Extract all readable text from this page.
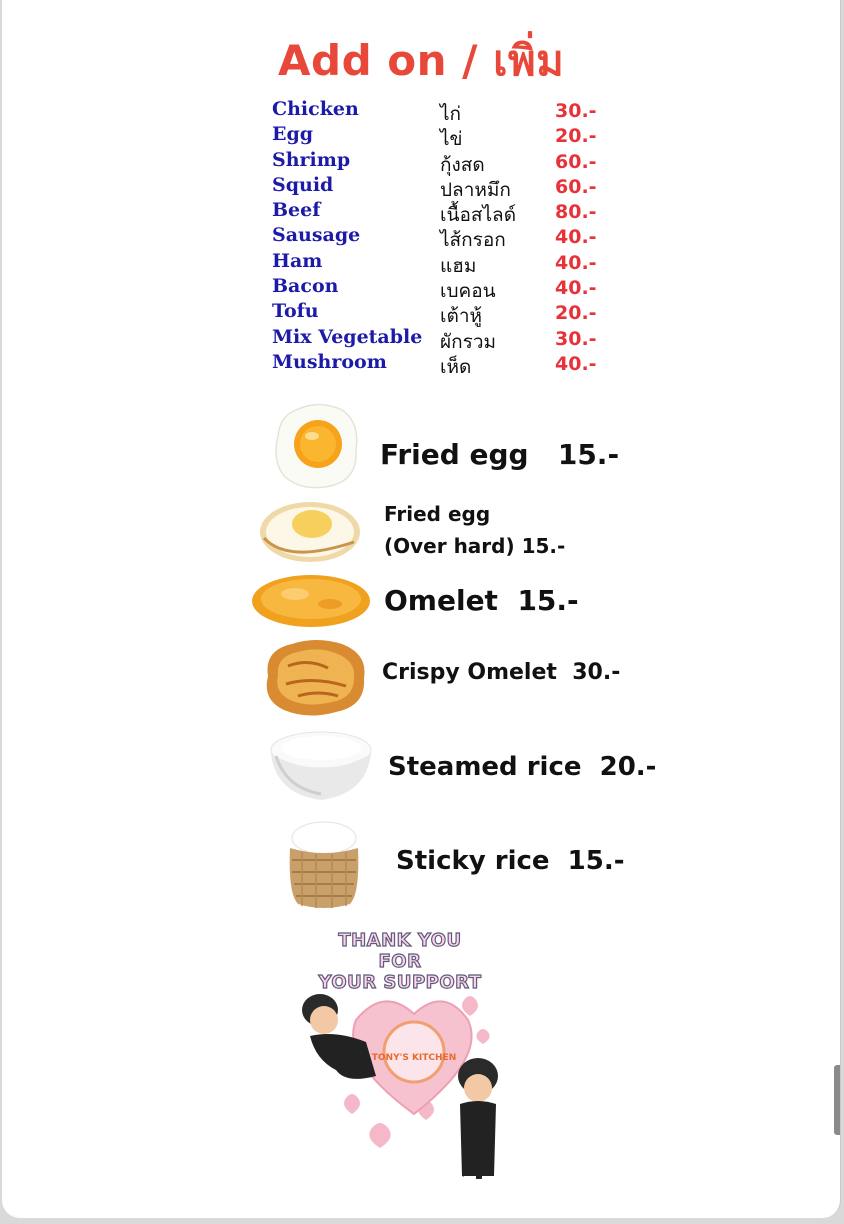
Add on / เพิ่ม
Chicken	ไก่	30.-
Egg	ไข่	20.-
Shrimp	กุ้งสด	60.-
Squid	ปลาหมึก 60.-
Beef	เนื้อสไลด์ 80.-
Sausage	ไส้กรอก	40.-
Ham	แฮม	40.-
Bacon	เบคอน	40.-
Tofu	เต้าหู้	20.-
Mix Vegetable ผักรวม	30.-
Mushroom	เห็ด	40.-
Fried egg   15.-
Fried egg
(Over hard) 15.-
Omelet  15.-
Crispy Omelet  30.-
Steamed rice  20.-
Sticky rice  15.-
THANK YOU FOR
YOUR SUPPORT
TONY'S KITCHEN
